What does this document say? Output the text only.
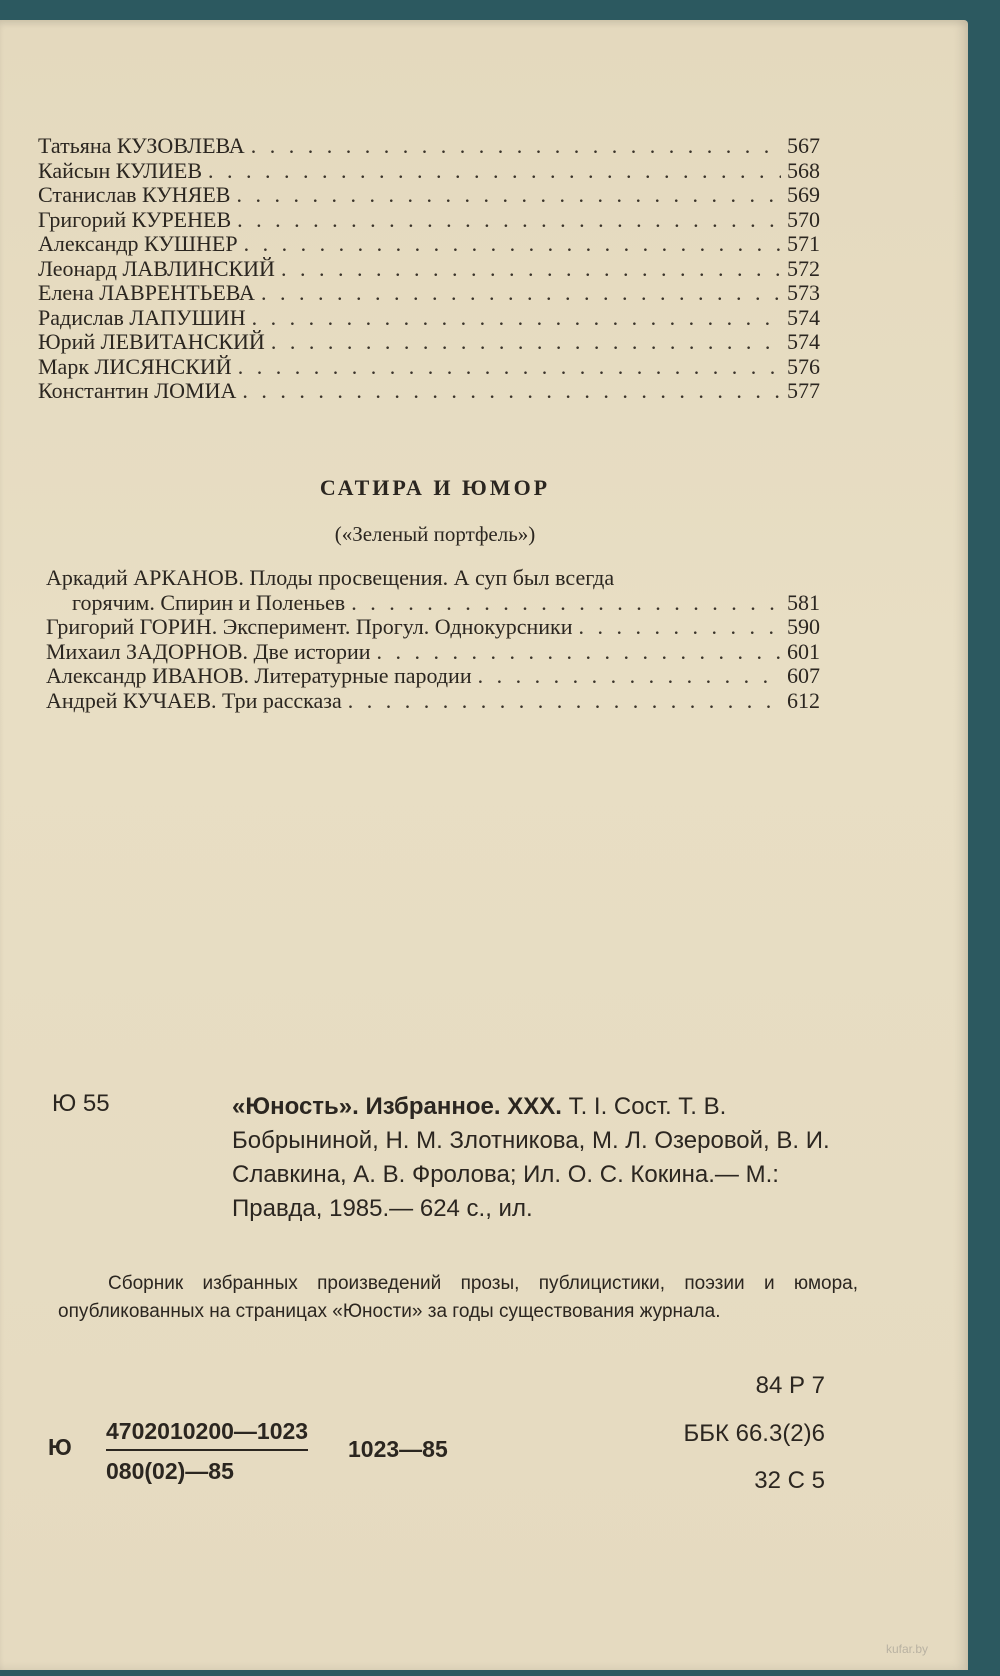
Татьяна КУЗОВЛЕВА . . .	567
Кайсын КУЛИЕВ . . .	568
Станислав КУНЯЕВ . . .	569
Григорий КУРЕНЕВ . . .	570
Александр КУШНЕР . . .	571
Леонард ЛАВЛИНСКИЙ . . .	572
Елена ЛАВРЕНТЬЕВА . . .	573
Радислав ЛАПУШИН . . .	574
Юрий ЛЕВИТАНСКИЙ . . .	574
Марк ЛИСЯНСКИЙ . . .	576
Константин ЛОМИА . . .	577
САТИРА И ЮМОР
(«Зеленый портфель»)
Аркадий АРКАНОВ. Плоды просвещения. А суп был всегда
горячим. Спирин и Поленьев . . .	581
Григорий ГОРИН. Эксперимент. Прогул. Однокурсники . . .	590
Михаил ЗАДОРНОВ. Две истории . . .	601
Александр ИВАНОВ. Литературные пародии . . .	607
Андрей КУЧАЕВ. Три рассказа . . .	612
Ю 55	«Юность». Избранное. XXX. Т. I. Сост. Т. В. Бобрыниной, Н. М. Злотникова, М. Л. Озеровой, В. И. Славкина, А. В. Фролова; Ил. О. С. Кокина.— М.: Правда, 1985.— 624 с., ил.
Сборник избранных произведений прозы, публицистики, поэзии и юмора, опубликованных на страницах «Юности» за годы существования журнала.
84 Р 7
ББК 66.3(2)6
32 С 5
Ю
4702010200—1023
080(02)—85
1023—85
kufar.by
